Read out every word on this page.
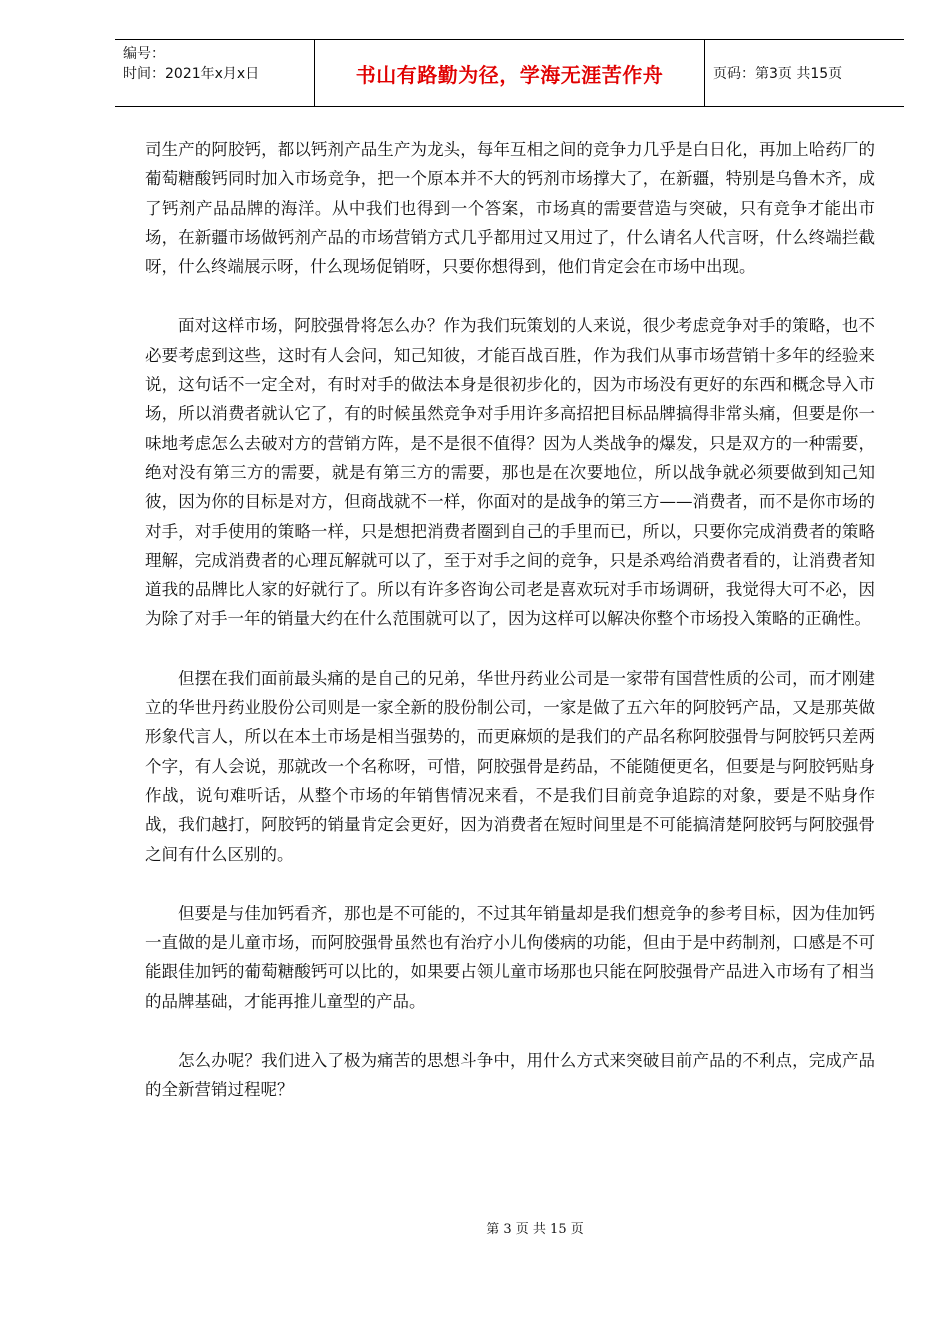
编号：
时间：2021年x月x日	书山有路勤为径，学海无涯苦作舟	页码：第3页 共15页

司生产的阿胶钙，都以钙剂产品生产为龙头，每年互相之间的竞争力几乎是白日化，再加上哈药厂的葡萄糖酸钙同时加入市场竞争，把一个原本并不大的钙剂市场撑大了，在新疆，特别是乌鲁木齐，成了钙剂产品品牌的海洋。从中我们也得到一个答案，市场真的需要营造与突破，只有竞争才能出市场，在新疆市场做钙剂产品的市场营销方式几乎都用过又用过了，什么请名人代言呀，什么终端拦截呀，什么终端展示呀，什么现场促销呀，只要你想得到，他们肯定会在市场中出现。

面对这样市场，阿胶强骨将怎么办？作为我们玩策划的人来说，很少考虑竞争对手的策略，也不必要考虑到这些，这时有人会问，知己知彼，才能百战百胜，作为我们从事市场营销十多年的经验来说，这句话不一定全对，有时对手的做法本身是很初步化的，因为市场没有更好的东西和概念导入市场，所以消费者就认它了，有的时候虽然竞争对手用许多高招把目标品牌搞得非常头痛，但要是你一味地考虑怎么去破对方的营销方阵，是不是很不值得？因为人类战争的爆发，只是双方的一种需要，绝对没有第三方的需要，就是有第三方的需要，那也是在次要地位，所以战争就必须要做到知己知彼，因为你的目标是对方，但商战就不一样，你面对的是战争的第三方——消费者，而不是你市场的对手，对手使用的策略一样，只是想把消费者圈到自己的手里而已，所以，只要你完成消费者的策略理解，完成消费者的心理瓦解就可以了，至于对手之间的竞争，只是杀鸡给消费者看的，让消费者知道我的品牌比人家的好就行了。所以有许多咨询公司老是喜欢玩对手市场调研，我觉得大可不必，因为除了对手一年的销量大约在什么范围就可以了，因为这样可以解决你整个市场投入策略的正确性。

但摆在我们面前最头痛的是自己的兄弟，华世丹药业公司是一家带有国营性质的公司，而才刚建立的华世丹药业股份公司则是一家全新的股份制公司，一家是做了五六年的阿胶钙产品，又是那英做形象代言人，所以在本土市场是相当强势的，而更麻烦的是我们的产品名称阿胶强骨与阿胶钙只差两个字，有人会说，那就改一个名称呀，可惜，阿胶强骨是药品，不能随便更名，但要是与阿胶钙贴身作战，说句难听话，从整个市场的年销售情况来看，不是我们目前竞争追踪的对象，要是不贴身作战，我们越打，阿胶钙的销量肯定会更好，因为消费者在短时间里是不可能搞清楚阿胶钙与阿胶强骨之间有什么区别的。

但要是与佳加钙看齐，那也是不可能的，不过其年销量却是我们想竞争的参考目标，因为佳加钙一直做的是儿童市场，而阿胶强骨虽然也有治疗小儿佝偻病的功能，但由于是中药制剂，口感是不可能跟佳加钙的葡萄糖酸钙可以比的，如果要占领儿童市场那也只能在阿胶强骨产品进入市场有了相当的品牌基础，才能再推儿童型的产品。

怎么办呢？我们进入了极为痛苦的思想斗争中，用什么方式来突破目前产品的不利点，完成产品的全新营销过程呢？

第 3 页 共 15 页
